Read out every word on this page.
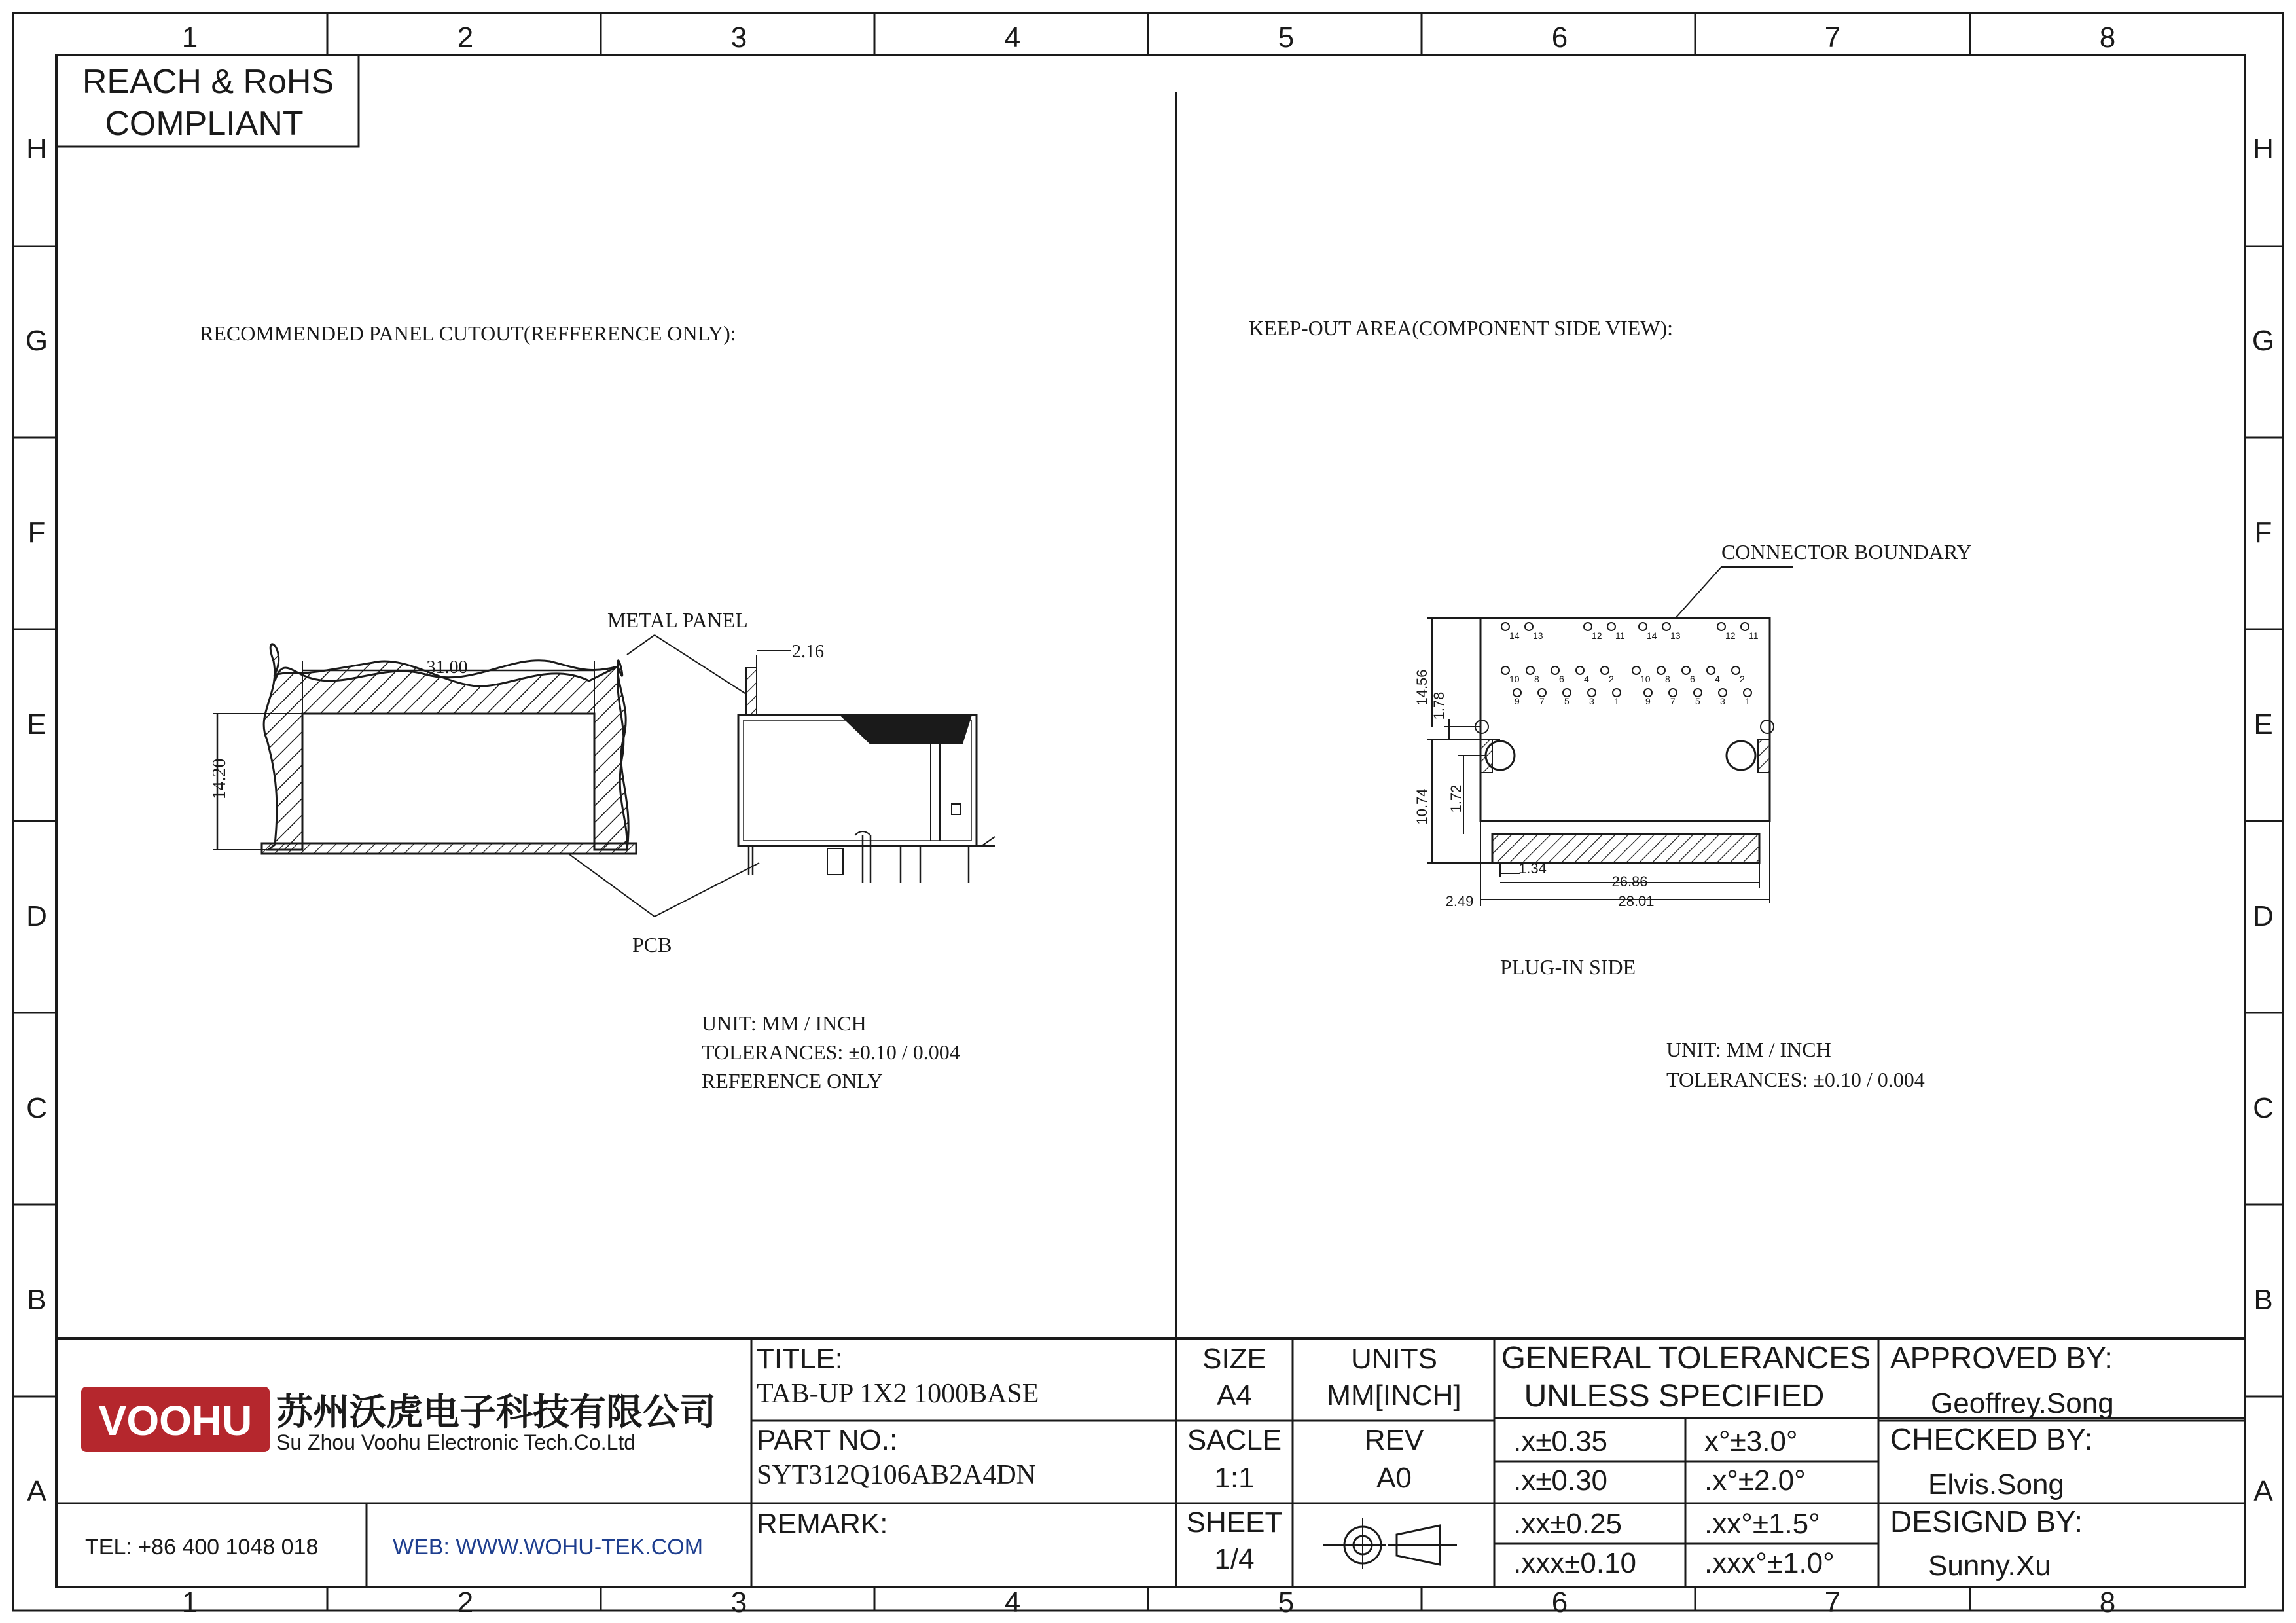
1	2	3	4	5	6	7	8
1	2	3	4	5	6	7	8
H
G
F
E
D
C
B
A
H
G
F
E
D
C
B
A
REACH & RoHS
COMPLIANT
RECOMMENDED PANEL CUTOUT(REFFERENCE ONLY):
31.00
14.20
METAL PANEL
PCB
2.16
UNIT: MM / INCH
TOLERANCES: ±0.10 / 0.004
REFERENCE ONLY
KEEP-OUT AREA(COMPONENT SIDE VIEW):
CONNECTOR BOUNDARY
14 13	12 11 14 13	12 11
10 8 6 4 2	10 8 6 4 2
9 7 5 3 1	9 7 5 3 1
14.56
1.78
10.74 1.72
1.34
26.86
2.49	28.01
PLUG-IN SIDE
UNIT: MM / INCH
TOLERANCES: ±0.10 / 0.004
VOOHU 苏州沃虎电子科技有限公司
Su Zhou Voohu Electronic Tech.Co.Ltd
TEL: +86 400 1048 018	WEB: WWW.WOHU-TEK.COM
TITLE:
TAB-UP 1X2 1000BASE
PART NO.:
SYT312Q106AB2A4DN
REMARK:
SIZE
A4
UNITS
MM[INCH]
SACLE
1:1
REV
A0
SHEET
1/4
GENERAL TOLERANCES
UNLESS SPECIFIED
.x±0.35	x°±3.0°
.x±0.30	.x°±2.0°
.xx±0.25	.xx°±1.5°
.xxx±0.10 .xxx°±1.0°
APPROVED BY:
Geoffrey.Song
CHECKED BY:
Elvis.Song
DESIGND BY:
Sunny.Xu
